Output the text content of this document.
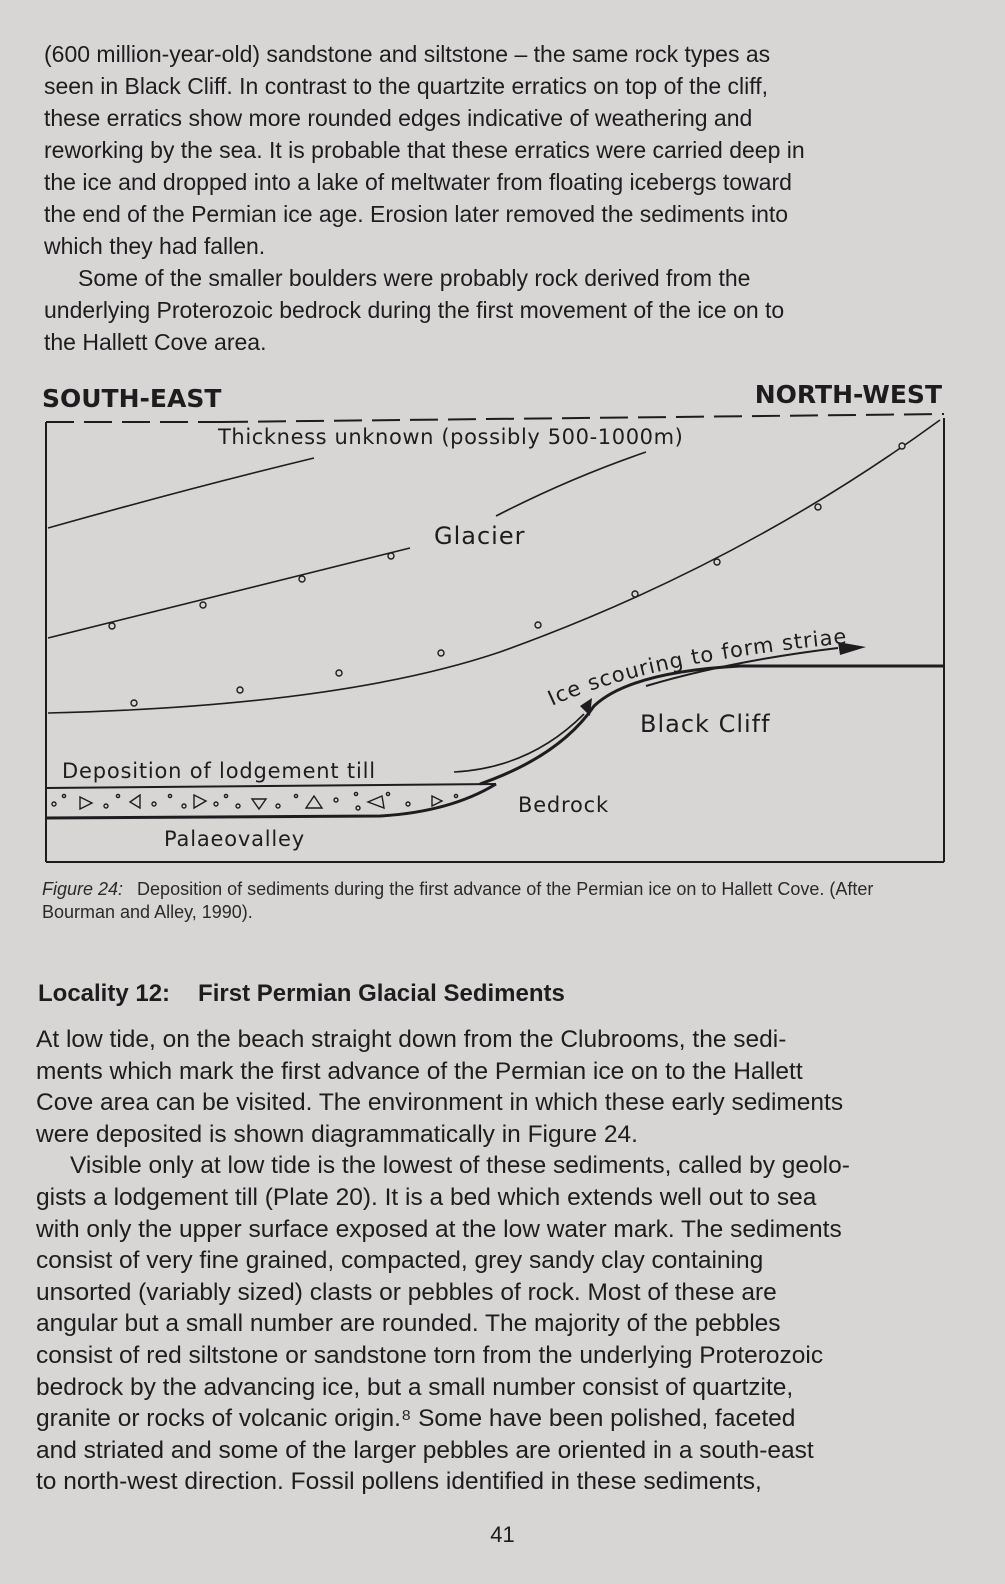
(600 million-year-old) sandstone and siltstone – the same rock types as
seen in Black Cliff. In contrast to the quartzite erratics on top of the cliff,
these erratics show more rounded edges indicative of weathering and
reworking by the sea. It is probable that these erratics were carried deep in
the ice and dropped into a lake of meltwater from floating icebergs toward
the end of the Permian ice age. Erosion later removed the sediments into
which they had fallen.
Some of the smaller boulders were probably rock derived from the
underlying Proterozoic bedrock during the first movement of the ice on to
the Hallett Cove area.

SOUTH-EAST	NORTH-WEST
Thickness unknown (possibly 500-1000m)
Glacier
Ice scouring to form striae
Black Cliff
Deposition of lodgement till
Bedrock
Palaeovalley
Figure 24: Deposition of sediments during the first advance of the Permian ice on to Hallett Cove. (After Bourman and Alley, 1990).
Locality 12: First Permian Glacial Sediments

At low tide, on the beach straight down from the Clubrooms, the sedi-
ments which mark the first advance of the Permian ice on to the Hallett
Cove area can be visited. The environment in which these early sediments
were deposited is shown diagrammatically in Figure 24.
Visible only at low tide is the lowest of these sediments, called by geolo-
gists a lodgement till (Plate 20). It is a bed which extends well out to sea
with only the upper surface exposed at the low water mark. The sediments
consist of very fine grained, compacted, grey sandy clay containing
unsorted (variably sized) clasts or pebbles of rock. Most of these are
angular but a small number are rounded. The majority of the pebbles
consist of red siltstone or sandstone torn from the underlying Proterozoic
bedrock by the advancing ice, but a small number consist of quartzite,
granite or rocks of volcanic origin.⁸ Some have been polished, faceted
and striated and some of the larger pebbles are oriented in a south-east
to north-west direction. Fossil pollens identified in these sediments,

41
